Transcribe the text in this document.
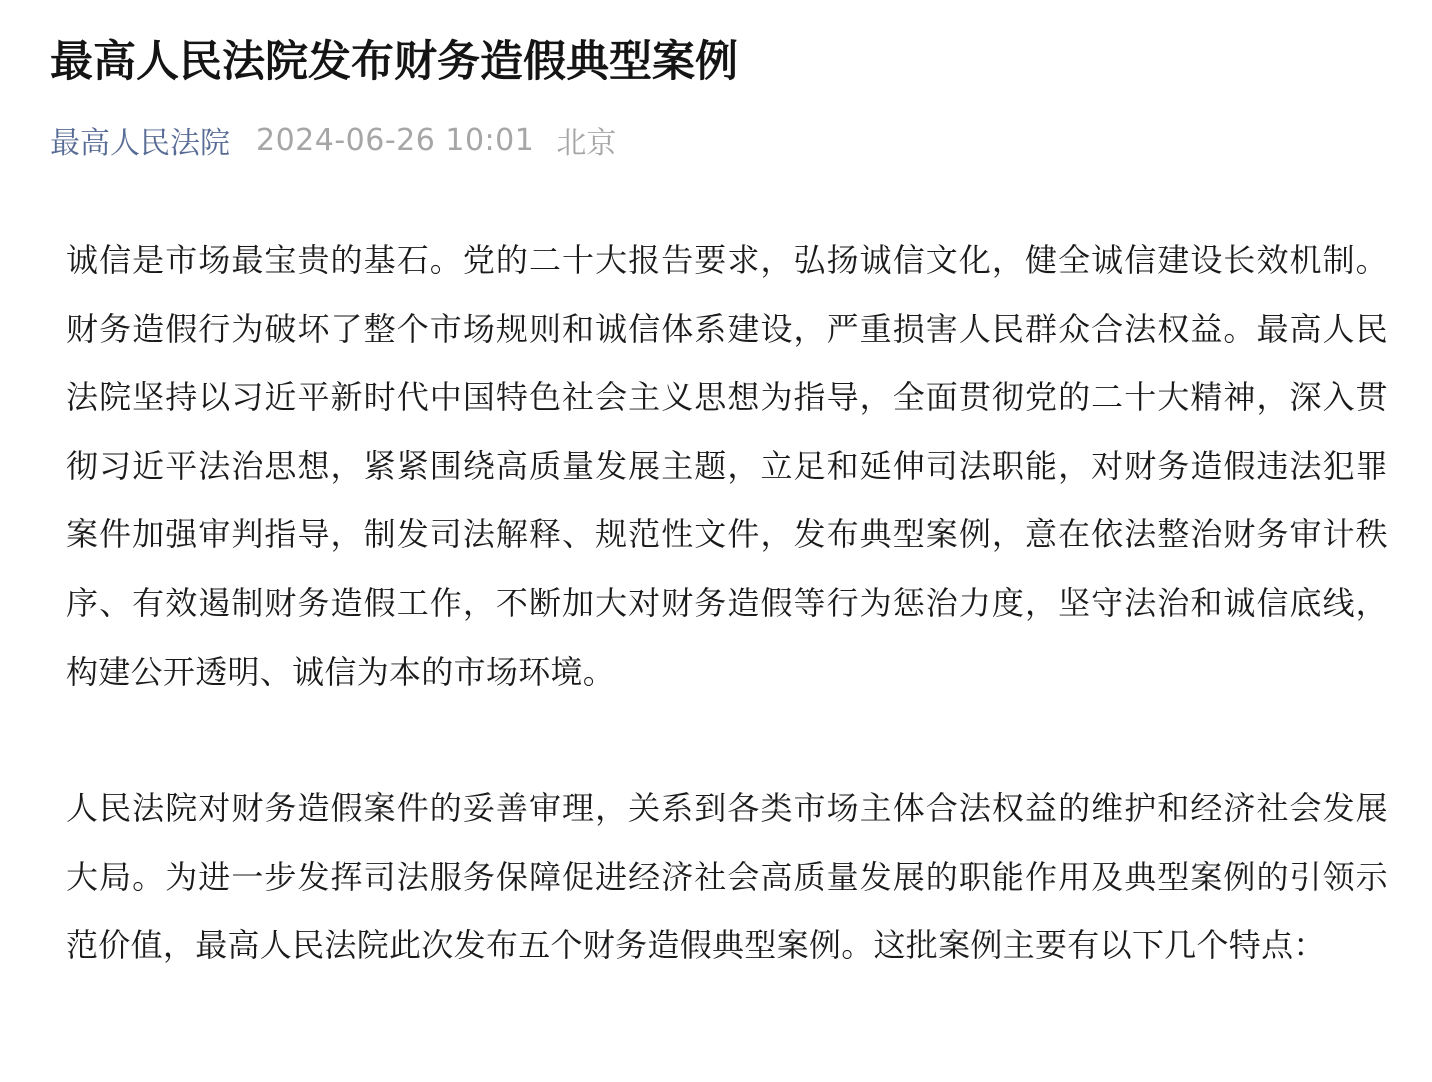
最高人民法院发布财务造假典型案例
最高人民法院 2024-06-26 10:01 北京

诚信是市场最宝贵的基石。党的二十大报告要求，弘扬诚信文化，健全诚信建设长效机制。财务造假行为破坏了整个市场规则和诚信体系建设，严重损害人民群众合法权益。最高人民法院坚持以习近平新时代中国特色社会主义思想为指导，全面贯彻党的二十大精神，深入贯彻习近平法治思想，紧紧围绕高质量发展主题，立足和延伸司法职能，对财务造假违法犯罪案件加强审判指导，制发司法解释、规范性文件，发布典型案例，意在依法整治财务审计秩序、有效遏制财务造假工作，不断加大对财务造假等行为惩治力度，坚守法治和诚信底线，构建公开透明、诚信为本的市场环境。

人民法院对财务造假案件的妥善审理，关系到各类市场主体合法权益的维护和经济社会发展大局。为进一步发挥司法服务保障促进经济社会高质量发展的职能作用及典型案例的引领示范价值，最高人民法院此次发布五个财务造假典型案例。这批案例主要有以下几个特点：
